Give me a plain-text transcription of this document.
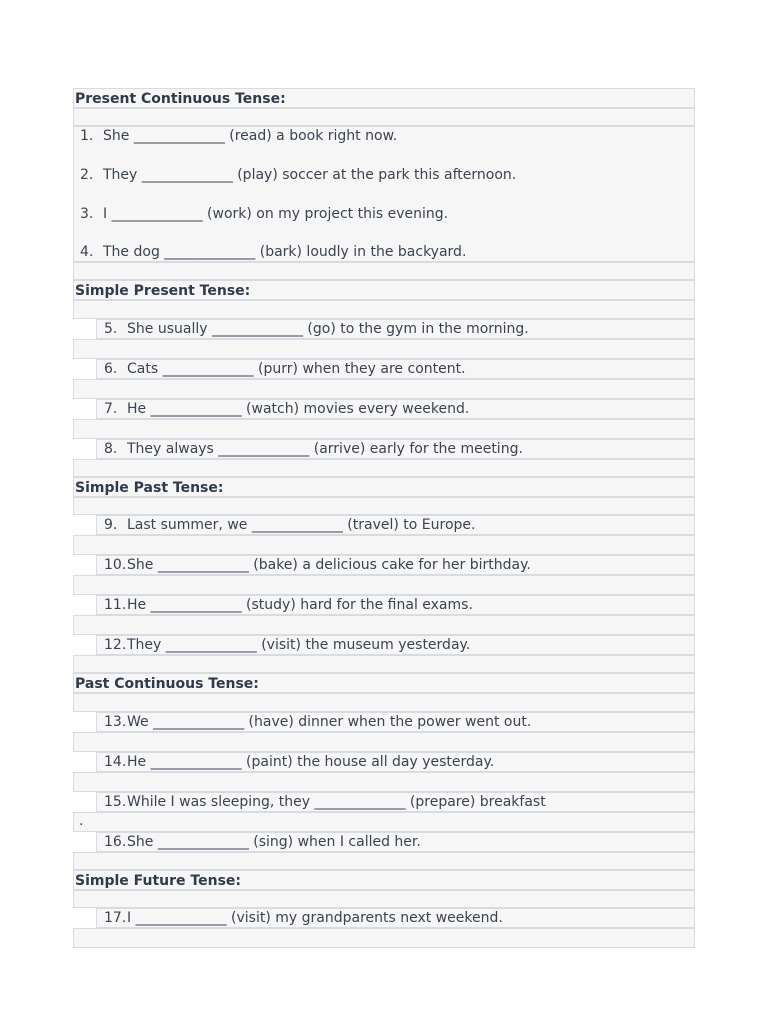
Present Continuous Tense:
1. She _____________ (read) a book right now.
2. They _____________ (play) soccer at the park this afternoon.
3. I _____________ (work) on my project this evening.
4. The dog _____________ (bark) loudly in the backyard.
Simple Present Tense:
5. She usually _____________ (go) to the gym in the morning.
6. Cats _____________ (purr) when they are content.
7. He _____________ (watch) movies every weekend.
8. They always _____________ (arrive) early for the meeting.
Simple Past Tense:
9. Last summer, we _____________ (travel) to Europe.
10. She _____________ (bake) a delicious cake for her birthday.
11. He _____________ (study) hard for the final exams.
12. They _____________ (visit) the museum yesterday.
Past Continuous Tense:
13. We _____________ (have) dinner when the power went out.
14. He _____________ (paint) the house all day yesterday.
15. While I was sleeping, they _____________ (prepare) breakfast
.
16. She _____________ (sing) when I called her.
Simple Future Tense:
17. I _____________ (visit) my grandparents next weekend.
